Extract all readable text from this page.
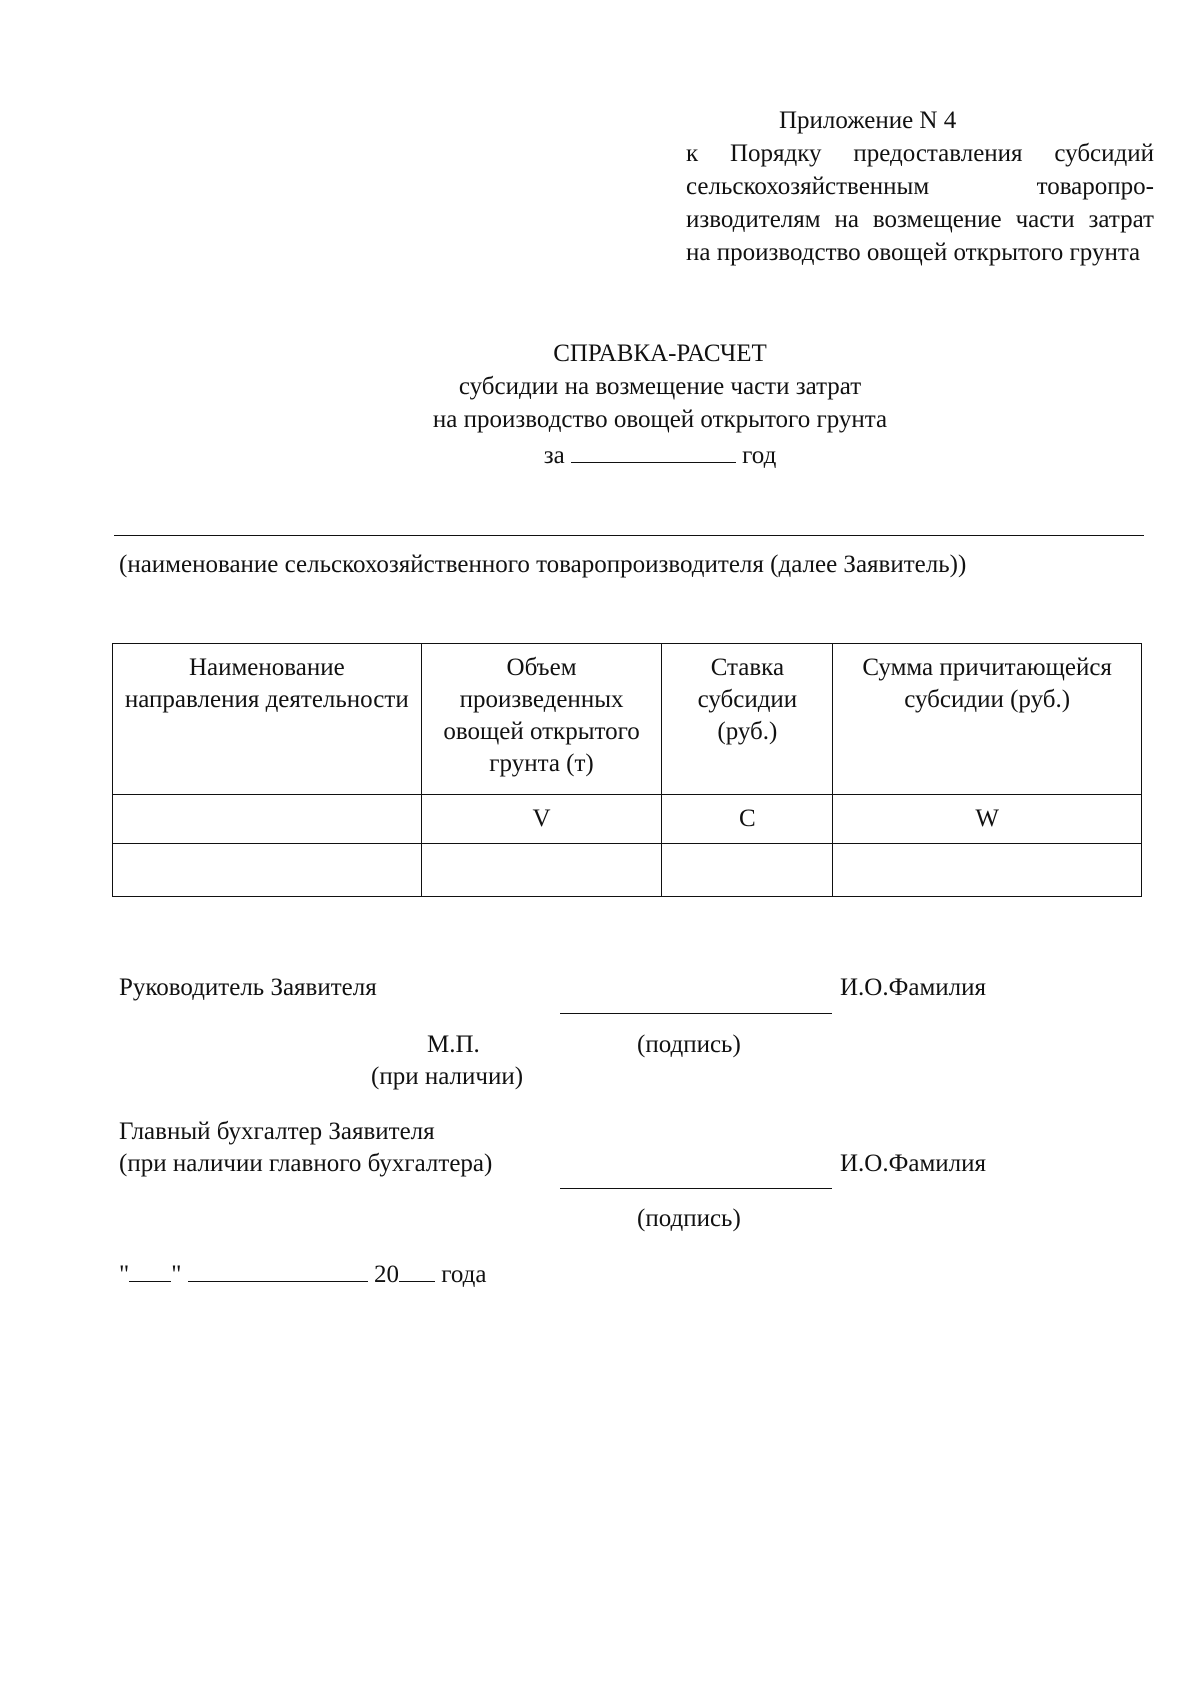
Приложение N 4
к Порядку предоставления субсидий сельскохозяйственным товаропроизводителям на возмещение части затрат на производство овощей открытого грунта
СПРАВКА-РАСЧЕТ
субсидии на возмещение части затрат
на производство овощей открытого грунта
за	год
(наименование сельскохозяйственного товаропроизводителя (далее Заявитель))
Наименование направления деятельности	Объем произведенных овощей открытого грунта (т)	Ставка субсидии (руб.)	Сумма причитающейся субсидии (руб.)
	V	C	W

Руководитель Заявителя	И.О.Фамилия
М.П.	(подпись)
(при наличии)
Главный бухгалтер Заявителя
(при наличии главного бухгалтера)	И.О.Фамилия
(подпись)
" "	20 года
